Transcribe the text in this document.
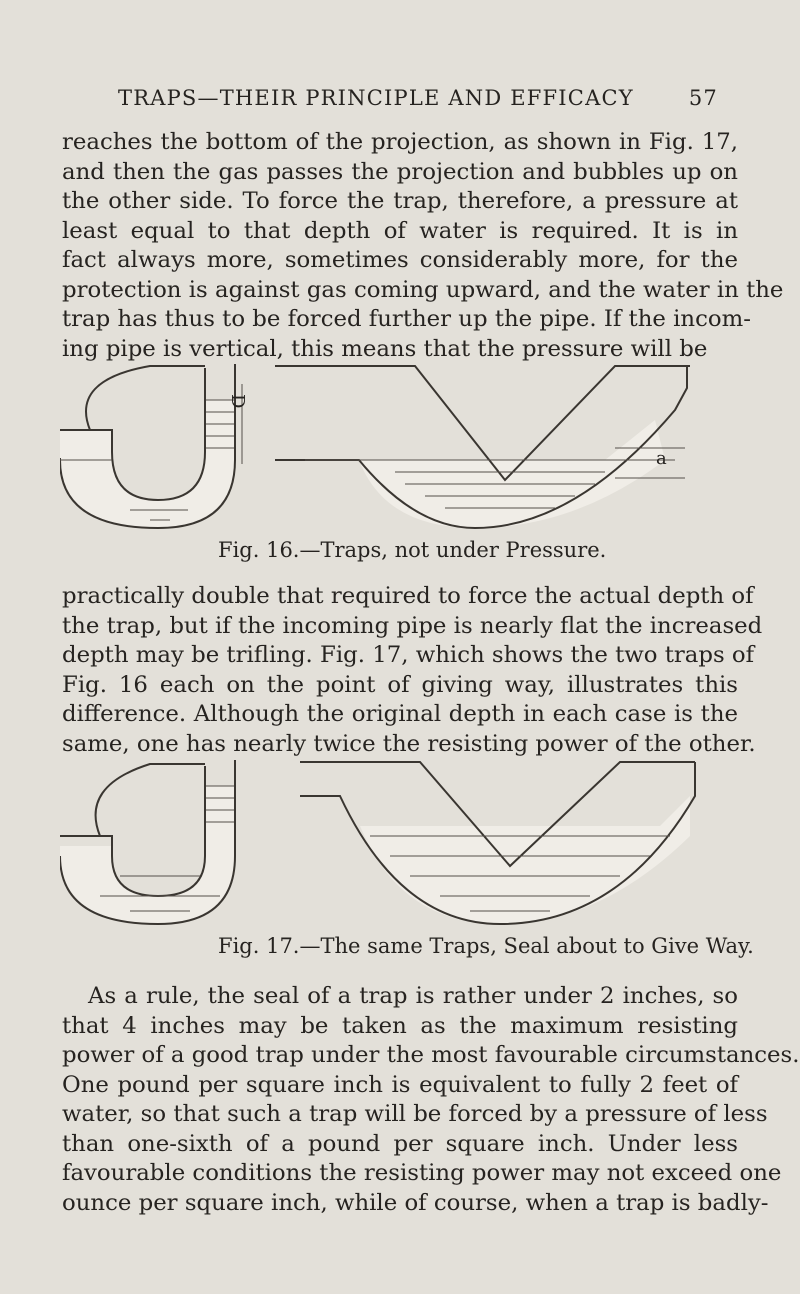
TRAPS—THEIR PRINCIPLE AND EFFICACY	57
reaches the bottom of the projection, as shown in Fig. 17,
and then the gas passes the projection and bubbles up on
the other side. To force the trap, therefore, a pressure at
least equal to that depth of water is required. It is in
fact always more, sometimes considerably more, for the
protection is against gas coming upward, and the water in the
trap has thus to be forced further up the pipe. If the incom-
ing pipe is vertical, this means that the pressure will be
D
a
Fig. 16.—Traps, not under Pressure.
practically double that required to force the actual depth of
the trap, but if the incoming pipe is nearly flat the increased
depth may be trifling. Fig. 17, which shows the two traps of
Fig. 16 each on the point of giving way, illustrates this
difference. Although the original depth in each case is the
same, one has nearly twice the resisting power of the other.
Fig. 17.—The same Traps, Seal about to Give Way.
As a rule, the seal of a trap is rather under 2 inches, so
that 4 inches may be taken as the maximum resisting
power of a good trap under the most favourable circumstances.
One pound per square inch is equivalent to fully 2 feet of
water, so that such a trap will be forced by a pressure of less
than one-sixth of a pound per square inch. Under less
favourable conditions the resisting power may not exceed one
ounce per square inch, while of course, when a trap is badly-
